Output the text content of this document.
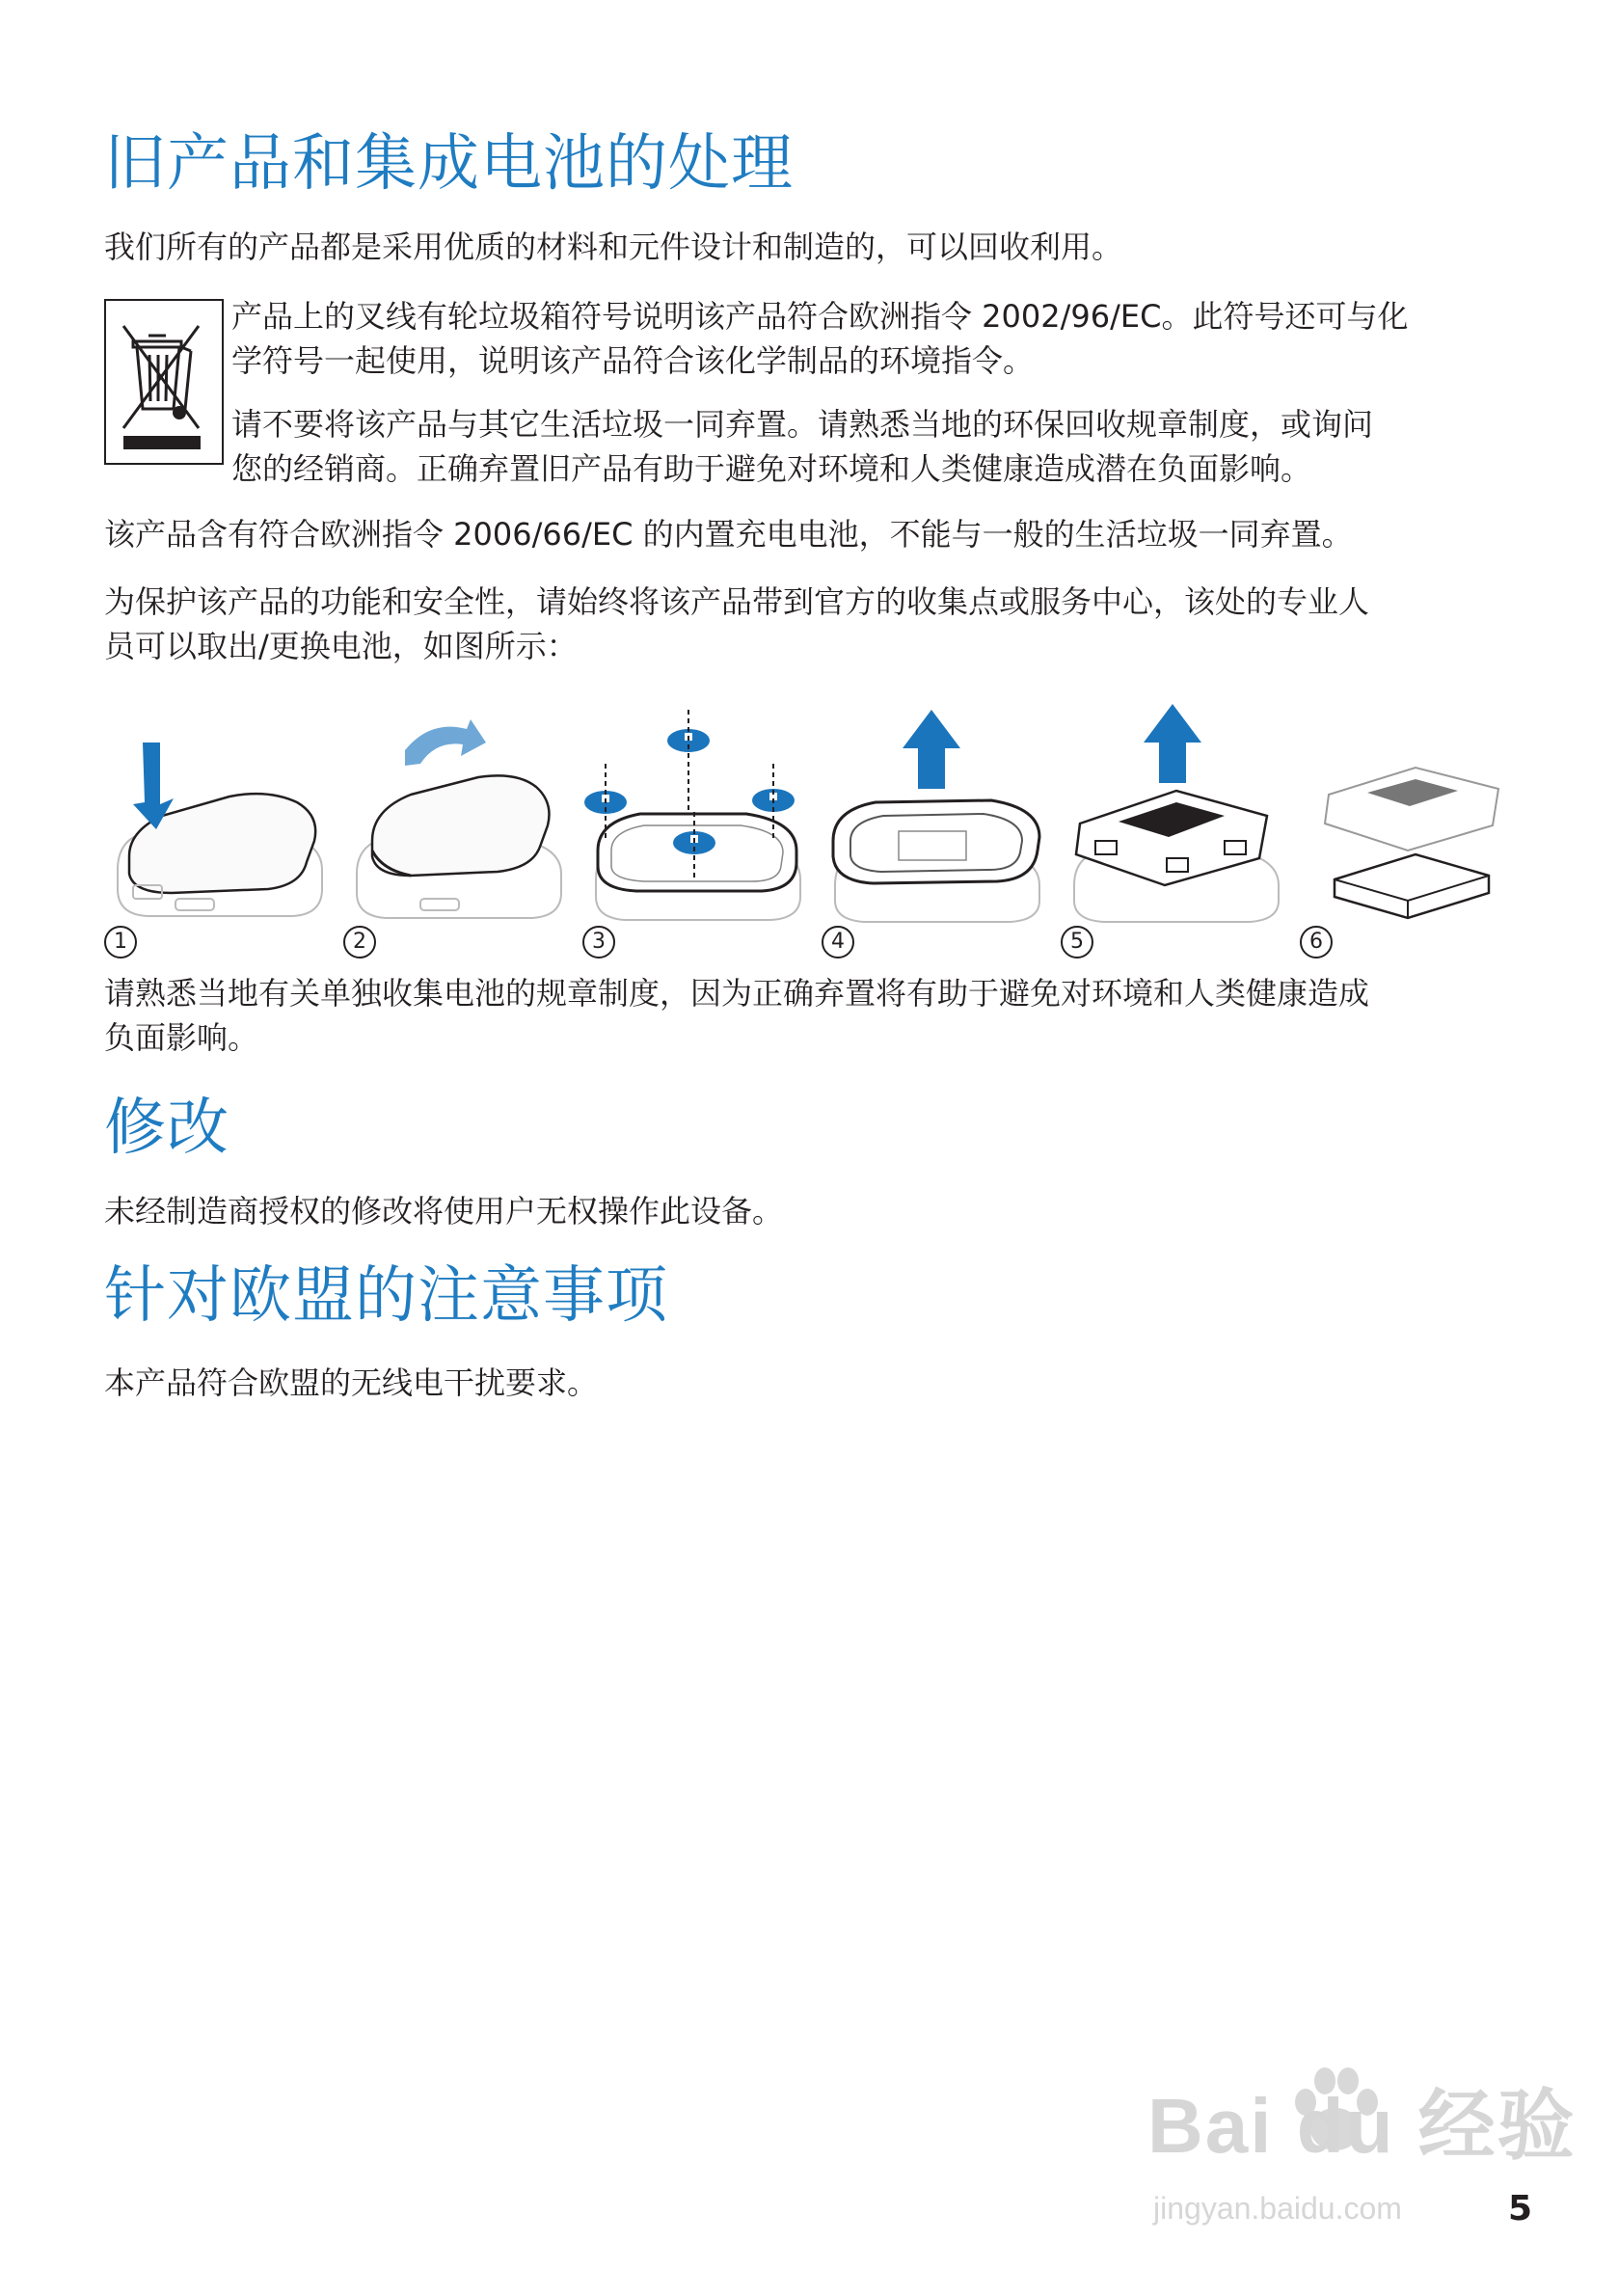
旧产品和集成电池的处理

我们所有的产品都是采用优质的材料和元件设计和制造的，可以回收利用。

产品上的叉线有轮垃圾箱符号说明该产品符合欧洲指令 2002/96/EC。此符号还可与化

学符号一起使用，说明该产品符合该化学制品的环境指令。

请不要将该产品与其它生活垃圾一同弃置。请熟悉当地的环保回收规章制度，或询问

您的经销商。正确弃置旧产品有助于避免对环境和人类健康造成潜在负面影响。

该产品含有符合欧洲指令 2006/66/EC 的内置充电电池，不能与一般的生活垃圾一同弃置。

为保护该产品的功能和安全性，请始终将该产品带到官方的收集点或服务中心，该处的专业人

员可以取出/更换电池，如图所示：

1	2	3	4	5	6

请熟悉当地有关单独收集电池的规章制度，因为正确弃置将有助于避免对环境和人类健康造成

负面影响。

修改

未经制造商授权的修改将使用户无权操作此设备。

针对欧盟的注意事项

本产品符合欧盟的无线电干扰要求。

Bai du 经验
jingyan.baidu.com	5
